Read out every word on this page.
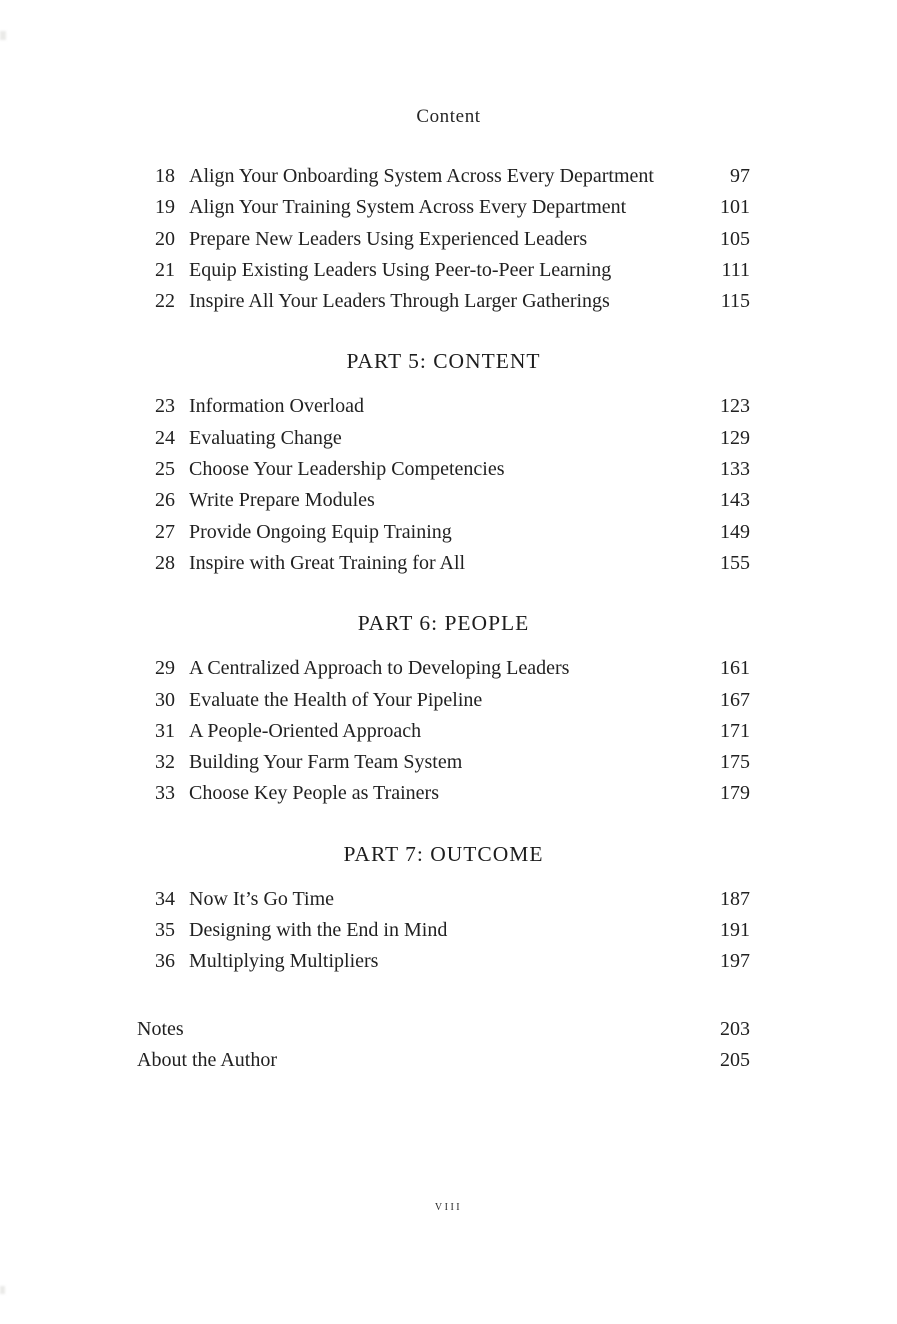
Content
18 Align Your Onboarding System Across Every Department	97
19 Align Your Training System Across Every Department	101
20 Prepare New Leaders Using Experienced Leaders	105
21 Equip Existing Leaders Using Peer-to-Peer Learning	111
22 Inspire All Your Leaders Through Larger Gatherings	115
PART 5: CONTENT
23 Information Overload	123
24 Evaluating Change	129
25 Choose Your Leadership Competencies	133
26 Write Prepare Modules	143
27 Provide Ongoing Equip Training	149
28 Inspire with Great Training for All	155
PART 6: PEOPLE
29 A Centralized Approach to Developing Leaders	161
30 Evaluate the Health of Your Pipeline	167
31 A People-Oriented Approach	171
32 Building Your Farm Team System	175
33 Choose Key People as Trainers	179
PART 7: OUTCOME
34 Now It’s Go Time	187
35 Designing with the End in Mind	191
36 Multiplying Multipliers	197
Notes	203
About the Author	205
viii
